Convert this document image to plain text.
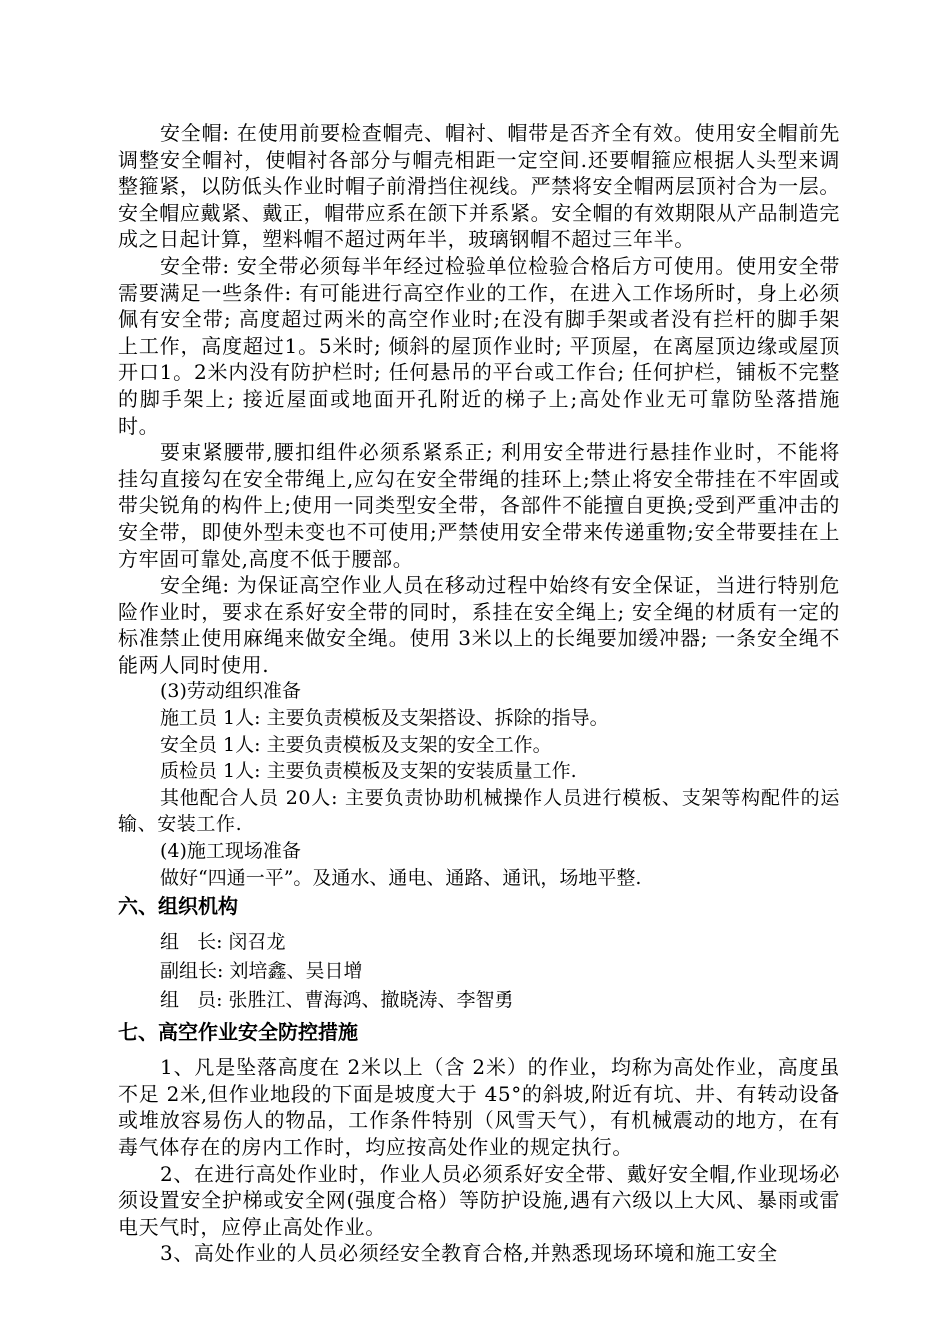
安全帽: 在使用前要检查帽壳、帽衬、帽带是否齐全有效。使用安全帽前先调整安全帽衬，使帽衬各部分与帽壳相距一定空间.还要帽箍应根据人头型来调整箍紧，以防低头作业时帽子前滑挡住视线。严禁将安全帽两层顶衬合为一层。安全帽应戴紧、戴正，帽带应系在颌下并系紧。安全帽的有效期限从产品制造完成之日起计算，塑料帽不超过两年半，玻璃钢帽不超过三年半。

安全带: 安全带必须每半年经过检验单位检验合格后方可使用。使用安全带需要满足一些条件: 有可能进行高空作业的工作，在进入工作场所时，身上必须佩有安全带; 高度超过两米的高空作业时;在没有脚手架或者没有拦杆的脚手架上工作，高度超过1。5米时; 倾斜的屋顶作业时; 平顶屋，在离屋顶边缘或屋顶开口1。2米内没有防护栏时; 任何悬吊的平台或工作台; 任何护栏，铺板不完整的脚手架上; 接近屋面或地面开孔附近的梯子上;高处作业无可靠防坠落措施时。

要束紧腰带,腰扣组件必须系紧系正; 利用安全带进行悬挂作业时，不能将挂勾直接勾在安全带绳上,应勾在安全带绳的挂环上;禁止将安全带挂在不牢固或带尖锐角的构件上;使用一同类型安全带，各部件不能擅自更换;受到严重冲击的安全带，即使外型未变也不可使用;严禁使用安全带来传递重物;安全带要挂在上方牢固可靠处,高度不低于腰部。

安全绳: 为保证高空作业人员在移动过程中始终有安全保证，当进行特别危险作业时，要求在系好安全带的同时，系挂在安全绳上; 安全绳的材质有一定的标准禁止使用麻绳来做安全绳。使用 3米以上的长绳要加缓冲器; 一条安全绳不能两人同时使用.

(3)劳动组织准备

施工员 1人: 主要负责模板及支架搭设、拆除的指导。

安全员 1人: 主要负责模板及支架的安全工作。

质检员 1人: 主要负责模板及支架的安装质量工作.

其他配合人员 20人: 主要负责协助机械操作人员进行模板、支架等构配件的运输、安装工作.

(4)施工现场准备

做好“四通一平”。及通水、通电、通路、通讯，场地平整.

六、组织机构

组   长: 闵召龙

副组长: 刘培鑫、吴日增

组   员: 张胜江、曹海鸿、撤晓涛、李智勇

七、高空作业安全防控措施

1、凡是坠落高度在 2米以上（含 2米）的作业，均称为高处作业，高度虽不足 2米,但作业地段的下面是坡度大于 45°的斜坡,附近有坑、井、有转动设备或堆放容易伤人的物品，工作条件特别（风雪天气），有机械震动的地方，在有毒气体存在的房内工作时，均应按高处作业的规定执行。

2、在进行高处作业时，作业人员必须系好安全带、戴好安全帽,作业现场必须设置安全护梯或安全网(强度合格）等防护设施,遇有六级以上大风、暴雨或雷电天气时，应停止高处作业。

3、高处作业的人员必须经安全教育合格,并熟悉现场环境和施工安全
